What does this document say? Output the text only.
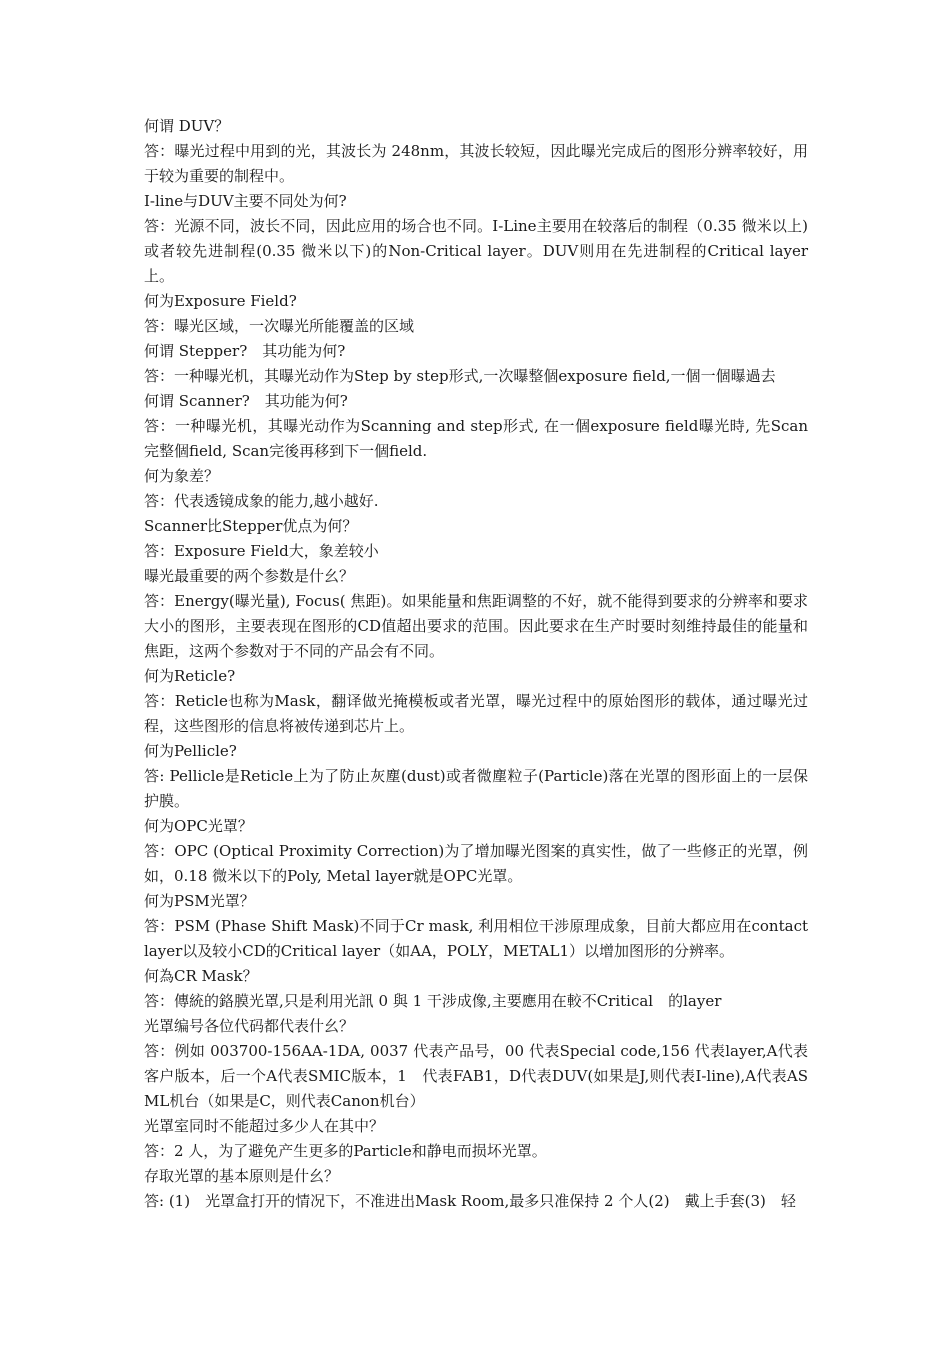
何谓 DUV？

答：曝光过程中用到的光，其波长为 248nm，其波长较短，因此曝光完成后的图形分辨率较好，用于较为重要的制程中。

I-line与DUV主要不同处为何?

答：光源不同，波长不同，因此应用的场合也不同。I-Line主要用在较落后的制程（0.35 微米以上)或者较先进制程(0.35 微米以下)的Non-Critical layer。DUV则用在先进制程的Critical layer上。

何为Exposure Field?

答：曝光区域，一次曝光所能覆盖的区域

何谓 Stepper?　其功能为何?

答：一种曝光机，其曝光动作为Step by step形式,一次曝整個exposure field,一個一個曝過去

何谓 Scanner?　其功能为何?

答：一种曝光机，其曝光动作为Scanning and step形式, 在一個exposure field曝光時, 先Scan完整個field, Scan完後再移到下一個field.

何为象差？

答：代表透镜成象的能力,越小越好.

Scanner比Stepper优点为何？

答：Exposure Field大，象差较小

曝光最重要的两个参数是什幺？

答：Energy(曝光量), Focus( 焦距)。如果能量和焦距调整的不好，就不能得到要求的分辨率和要求大小的图形，主要表现在图形的CD值超出要求的范围。因此要求在生产时要时刻维持最佳的能量和焦距，这两个参数对于不同的产品会有不同。

何为Reticle?

答：Reticle也称为Mask，翻译做光掩模板或者光罩，曝光过程中的原始图形的载体，通过曝光过程，这些图形的信息将被传递到芯片上。

何为Pellicle?

答: Pellicle是Reticle上为了防止灰塵(dust)或者微塵粒子(Particle)落在光罩的图形面上的一层保护膜。

何为OPC光罩？

答：OPC (Optical Proximity Correction)为了增加曝光图案的真实性，做了一些修正的光罩，例如，0.18 微米以下的Poly, Metal layer就是OPC光罩。

何为PSM光罩？

答：PSM (Phase Shift Mask)不同于Cr mask, 利用相位干涉原理成象，目前大都应用在contact layer以及较小CD的Critical layer（如AA，POLY，METAL1）以增加图形的分辨率。

何為CR Mask？

答：傳統的鉻膜光罩,只是利用光訊 0 與 1 干涉成像,主要應用在較不Critical　的layer

光罩编号各位代码都代表什幺？

答：例如 003700-156AA-1DA, 0037 代表产品号，00 代表Special code,156 代表layer,A代表客户版本，后一个A代表SMIC版本，1　代表FAB1，D代表DUV(如果是J,则代表I-line),A代表ASML机台（如果是C，则代表Canon机台）

光罩室同时不能超过多少人在其中？

答：2 人，为了避免产生更多的Particle和静电而损坏光罩。

存取光罩的基本原则是什幺？

答: (1)　光罩盒打开的情况下，不准进出Mask Room,最多只准保持 2 个人(2)　戴上手套(3)　轻
